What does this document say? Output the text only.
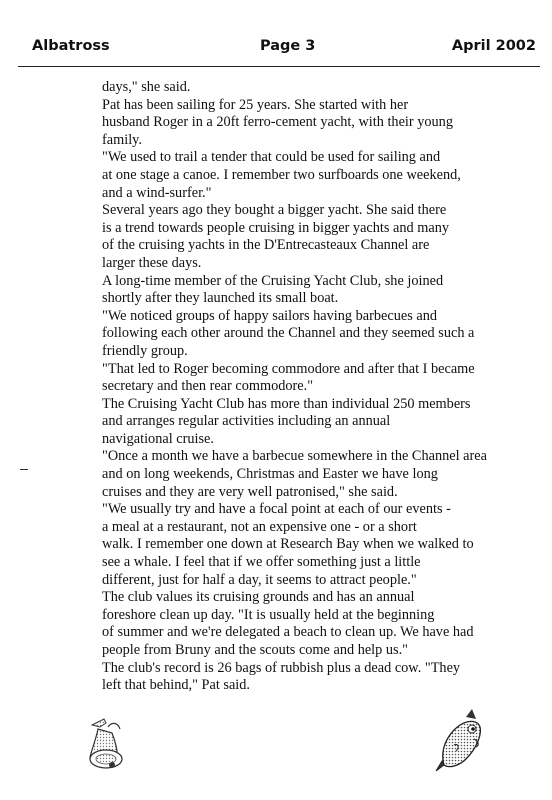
Albatross	Page 3	April 2002
days," she said.
Pat has been sailing for 25 years. She started with her
husband Roger in a 20ft ferro-cement yacht, with their young
family.
"We used to trail a tender that could be used for sailing and
at one stage a canoe. I remember two surfboards one weekend,
and a wind-surfer."
Several years ago they bought a bigger yacht. She said there
is a trend towards people cruising in bigger yachts and many
of the cruising yachts in the D'Entrecasteaux Channel are
larger these days.
A long-time member of the Cruising Yacht Club, she joined
shortly after they launched its small boat.
"We noticed groups of happy sailors having barbecues and
following each other around the Channel and they seemed such a
friendly group.
"That led to Roger becoming commodore and after that I became
secretary and then rear commodore."
The Cruising Yacht Club has more than individual 250 members
and arranges regular activities including an annual
navigational cruise.
"Once a month we have a barbecue somewhere in the Channel area
and on long weekends, Christmas and Easter we have long
cruises and they are very well patronised," she said.
"We usually try and have a focal point at each of our events -
a meal at a restaurant, not an expensive one - or a short
walk. I remember one down at Research Bay when we walked to
see a whale. I feel that if we offer something just a little
different, just for half a day, it seems to attract people."
The club values its cruising grounds and has an annual
foreshore clean up day. "It is usually held at the beginning
of summer and we're delegated a beach to clean up. We have had
people from Bruny and the scouts come and help us."
The club's record is 26 bags of rubbish plus a dead cow. "They
left that behind," Pat said.
